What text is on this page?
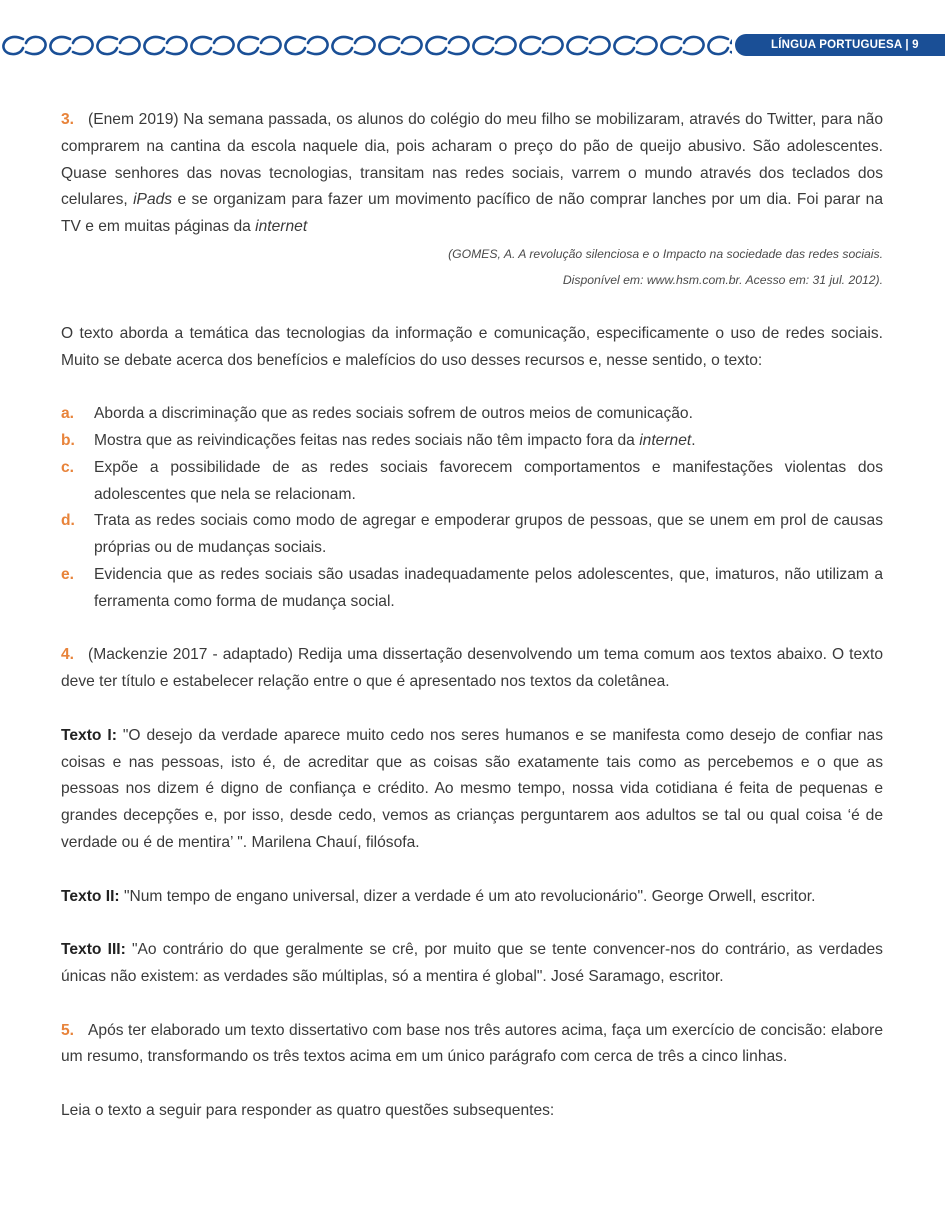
LÍNGUA PORTUGUESA | 9

3. (Enem 2019) Na semana passada, os alunos do colégio do meu filho se mobilizaram, através do Twitter, para não comprarem na cantina da escola naquele dia, pois acharam o preço do pão de queijo abusivo. São adolescentes. Quase senhores das novas tecnologias, transitam nas redes sociais, varrem o mundo através dos teclados dos celulares, iPads e se organizam para fazer um movimento pacífico de não comprar lanches por um dia. Foi parar na TV e em muitas páginas da internet

(GOMES, A. A revolução silenciosa e o Impacto na sociedade das redes sociais.
Disponível em: www.hsm.com.br. Acesso em: 31 jul. 2012).

O texto aborda a temática das tecnologias da informação e comunicação, especificamente o uso de redes sociais. Muito se debate acerca dos benefícios e malefícios do uso desses recursos e, nesse sentido, o texto:

a. Aborda a discriminação que as redes sociais sofrem de outros meios de comunicação.
b. Mostra que as reivindicações feitas nas redes sociais não têm impacto fora da internet.
c. Expõe a possibilidade de as redes sociais favorecem comportamentos e manifestações violentas dos adolescentes que nela se relacionam.
d. Trata as redes sociais como modo de agregar e empoderar grupos de pessoas, que se unem em prol de causas próprias ou de mudanças sociais.
e. Evidencia que as redes sociais são usadas inadequadamente pelos adolescentes, que, imaturos, não utilizam a ferramenta como forma de mudança social.

4. (Mackenzie 2017 - adaptado) Redija uma dissertação desenvolvendo um tema comum aos textos abaixo. O texto deve ter título e estabelecer relação entre o que é apresentado nos textos da coletânea.

Texto I: "O desejo da verdade aparece muito cedo nos seres humanos e se manifesta como desejo de confiar nas coisas e nas pessoas, isto é, de acreditar que as coisas são exatamente tais como as percebemos e o que as pessoas nos dizem é digno de confiança e crédito. Ao mesmo tempo, nossa vida cotidiana é feita de pequenas e grandes decepções e, por isso, desde cedo, vemos as crianças perguntarem aos adultos se tal ou qual coisa ‘é de verdade ou é de mentira’ ". Marilena Chauí, filósofa.

Texto II: "Num tempo de engano universal, dizer a verdade é um ato revolucionário". George Orwell, escritor.

Texto III: "Ao contrário do que geralmente se crê, por muito que se tente convencer-nos do contrário, as verdades únicas não existem: as verdades são múltiplas, só a mentira é global". José Saramago, escritor.

5. Após ter elaborado um texto dissertativo com base nos três autores acima, faça um exercício de concisão: elabore um resumo, transformando os três textos acima em um único parágrafo com cerca de três a cinco linhas.

Leia o texto a seguir para responder as quatro questões subsequentes:
